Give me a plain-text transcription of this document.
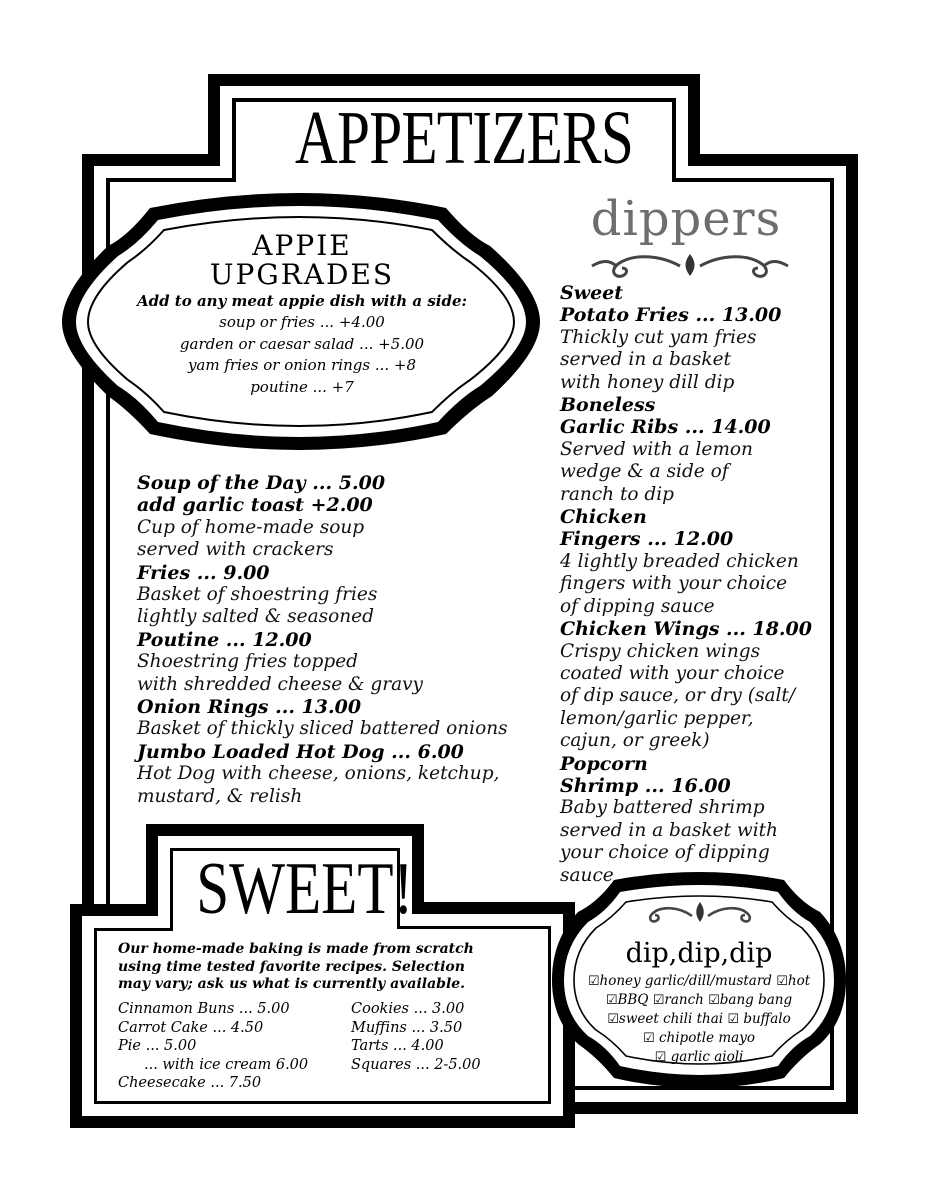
APPETIZERS
APPIE
UPGRADES
Add to any meat appie dish with a side:
soup or fries ... +4.00
garden or caesar salad ... +5.00
yam fries or onion rings ... +8
poutine ... +7
Soup of the Day ... 5.00
add garlic toast +2.00
Cup of home-made soup
served with crackers
Fries ... 9.00
Basket of shoestring fries
lightly salted & seasoned
Poutine ... 12.00
Shoestring fries topped
with shredded cheese & gravy
Onion Rings ... 13.00
Basket of thickly sliced battered onions
Jumbo Loaded Hot Dog ... 6.00
Hot Dog with cheese, onions, ketchup,
mustard, & relish
dippers
Sweet
Potato Fries ... 13.00
Thickly cut yam fries
served in a basket
with honey dill dip
Boneless
Garlic Ribs ... 14.00
Served with a lemon
wedge & a side of
ranch to dip
Chicken
Fingers ... 12.00
4 lightly breaded chicken
fingers with your choice
of dipping sauce
Chicken Wings ... 18.00
Crispy chicken wings
coated with your choice
of dip sauce, or dry (salt/
lemon/garlic pepper,
cajun, or greek)
Popcorn
Shrimp ... 16.00
Baby battered shrimp
served in a basket with
your choice of dipping
sauce
SWEET!
Our home-made baking is made from scratch
using time tested favorite recipes. Selection
may vary; ask us what is currently available.
Cinnamon Buns ... 5.00
Carrot Cake ... 4.50
Pie ... 5.00
... with ice cream 6.00
Cheesecake ... 7.50
Cookies ... 3.00
Muffins ... 3.50
Tarts ... 4.00
Squares ... 2-5.00
dip,dip,dip
☑honey garlic/dill/mustard ☑hot
☑BBQ ☑ranch ☑bang bang
☑sweet chili thai ☑ buffalo
☑ chipotle mayo
☑ garlic aioli
